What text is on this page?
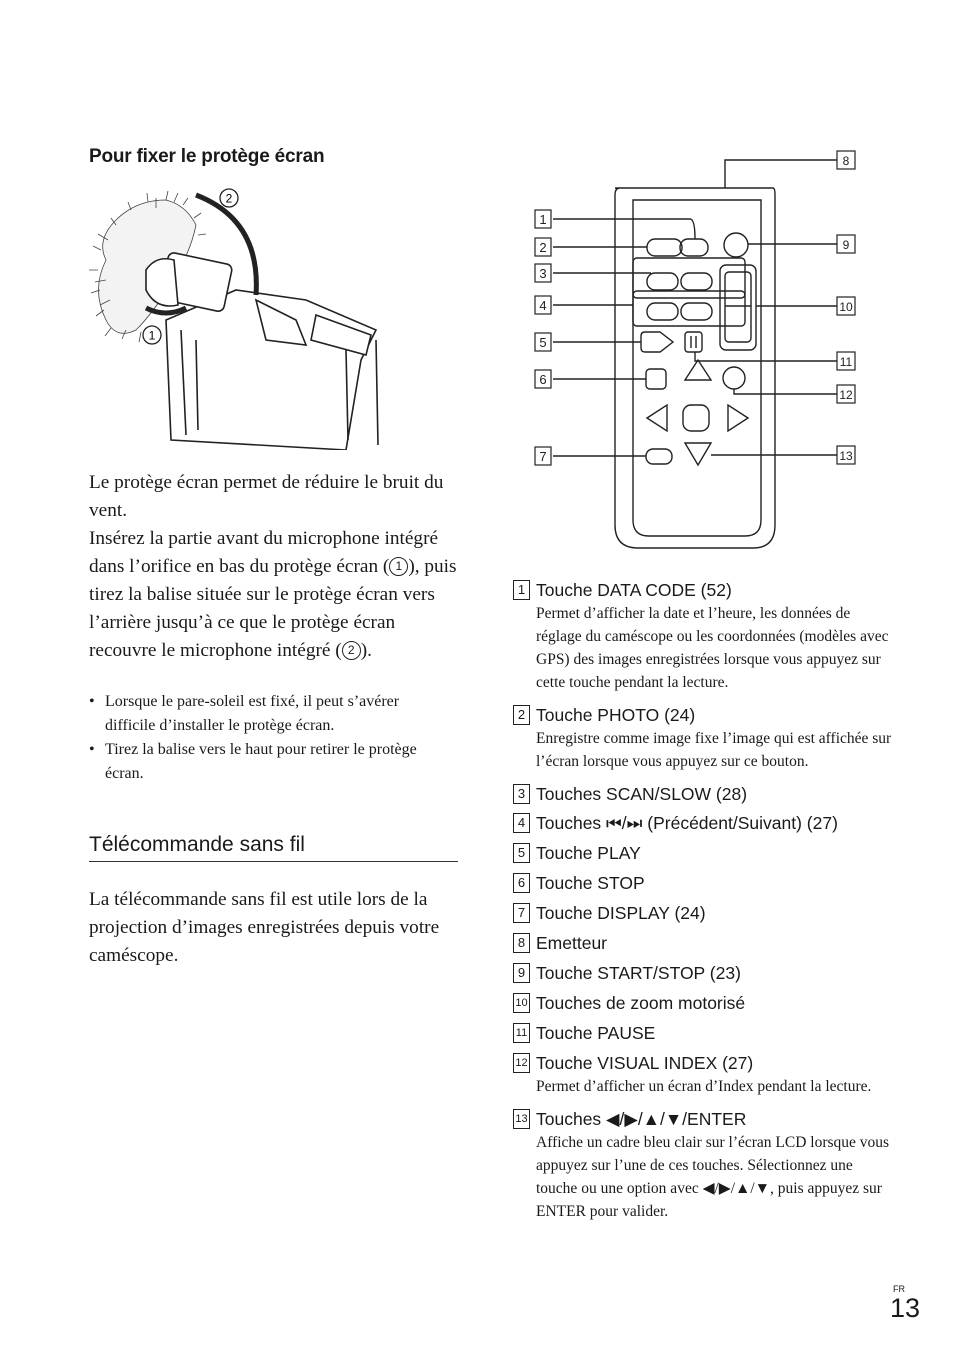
Pour fixer le protège écran
2
1
Le protège écran permet de réduire le bruit du vent.
Insérez la partie avant du microphone intégré dans l’orifice en bas du protège écran ( 1 ), puis tirez la balise située sur le protège écran vers l’arrière jusqu’à ce que le protège écran recouvre le microphone intégré ( 2 ).
• Lorsque le pare-soleil est fixé, il peut s’avérer difficile d’installer le protège écran.
• Tirez la balise vers le haut pour retirer le protège écran.
Télécommande sans fil
La télécommande sans fil est utile lors de la projection d’images enregistrées depuis votre caméscope.
1
2
3
4
5
6
7
8
9
10
11
12
13
1 Touche DATA CODE (52)
Permet d’afficher la date et l’heure, les données de réglage du caméscope ou les coordonnées (modèles avec GPS) des images enregistrées lorsque vous appuyez sur cette touche pendant la lecture.
2 Touche PHOTO (24)
Enregistre comme image fixe l’image qui est affichée sur l’écran lorsque vous appuyez sur ce bouton.
3 Touches SCAN/SLOW (28)
4 Touches ⏮/⏭ (Précédent/Suivant) (27)
5 Touche PLAY
6 Touche STOP
7 Touche DISPLAY (24)
8 Emetteur
9 Touche START/STOP (23)
10 Touches de zoom motorisé
11 Touche PAUSE
12 Touche VISUAL INDEX (27)
Permet d’afficher un écran d’Index pendant la lecture.
13 Touches ◀/▶/▲/▼/ENTER
Affiche un cadre bleu clair sur l’écran LCD lorsque vous appuyez sur l’une de ces touches. Sélectionnez une touche ou une option avec ◀/▶/▲/▼, puis appuyez sur ENTER pour valider.
FR
13
